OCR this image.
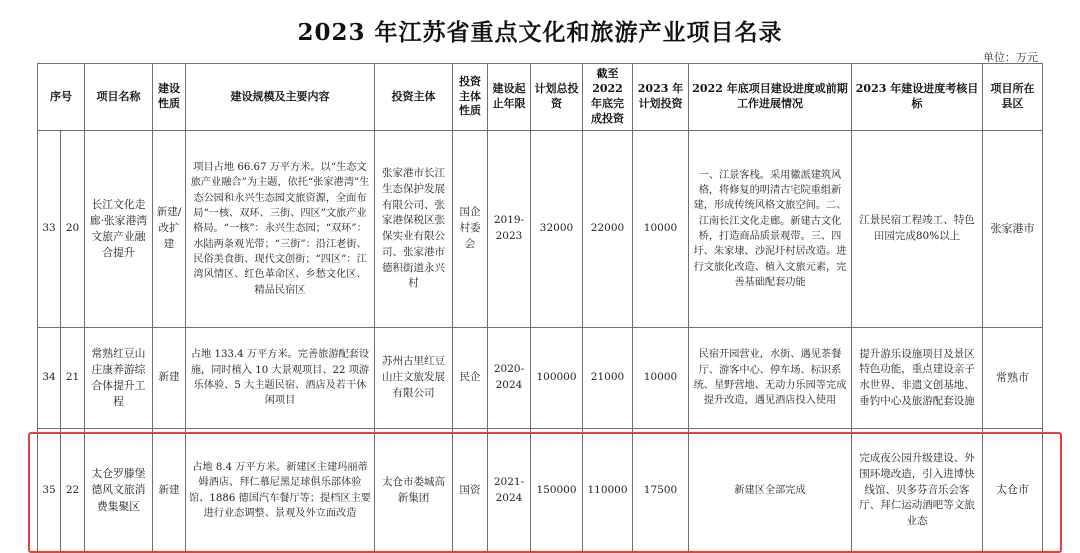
2023 年江苏省重点文化和旅游产业项目名录
单位：万元
序号		项目名称	建设性质	建设规模及主要内容	投资主体	投资主体性质	建设起止年限	计划总投资	截至2022 年底完成投资	2023 年计划投资	2022 年底项目建设进度或前期工作进展情况	2023 年建设进度考核目标	项目所在县区
33	20	长江文化走廊·张家港湾文旅产业融合提升	新建/改扩建	项目占地 66.67 万平方米。以“生态文旅产业融合”为主题，依托“张家港湾”生态公园和永兴生态园文旅资源，全面布局“一核、双环、三街、四区”文旅产业格局。“一核”：永兴生态园；“双环”：水陆两条观光带；“三街”：沿江老街、民俗美食街、现代文创街；“四区”：江湾风情区、红色革命区、乡愁文化区、精品民宿区	张家港市长江生态保护发展有限公司、张家港保税区张保实业有限公司、张家港市德积街道永兴村	国企村委会	2019-2023	32000	22000	10000	一、江景客栈。采用徽派建筑风格，将修复的明清古宅院重组新建，形成传统风格文旅空间。二、江南长江文化走廊。新建古文化桥，打造商品质景观带。三、四圩、朱家埭、沙泥圩村居改造。进行文旅化改造、植入文旅元素，完善基础配套功能	江景民宿工程竣工、特色田园完成80%以上	张家港市
34	21	常熟红豆山庄康养游综合体提升工程	新建	占地 133.4 万平方米。完善旅游配套设施，同时植入 10 大景观项目、22 项游乐体验、5 大主题民宿、酒店及若干休闲项目	苏州古里红豆山庄文旅发展有限公司	民企	2020-2024	100000	21000	10000	民宿开园营业，水街、遇见茶餐厅、游客中心、停车场、标识系统、星野营地、无动力乐园等完成提升改造，遇见酒店投入使用	提升游乐设施项目及景区特色功能，重点建设亲子水世界、非遗文创基地、垂钓中心及旅游配套设施	常熟市
35	22	太仓罗滕堡德风文旅消费集聚区	新建	占地 8.4 万平方米。新建区主建玛丽蒂姆酒店、拜仁慕尼黑足球俱乐部体验馆、1886 德国汽车餐厅等；提档区主要进行业态调整、景观及外立面改造	太仓市娄城高新集团	国资	2021-2024	150000	110000	17500	新建区全部完成	完成夜公园升级建设、外围环境改造，引入进博快线馆、贝多芬音乐会客厅、拜仁运动酒吧等文旅业态	太仓市
